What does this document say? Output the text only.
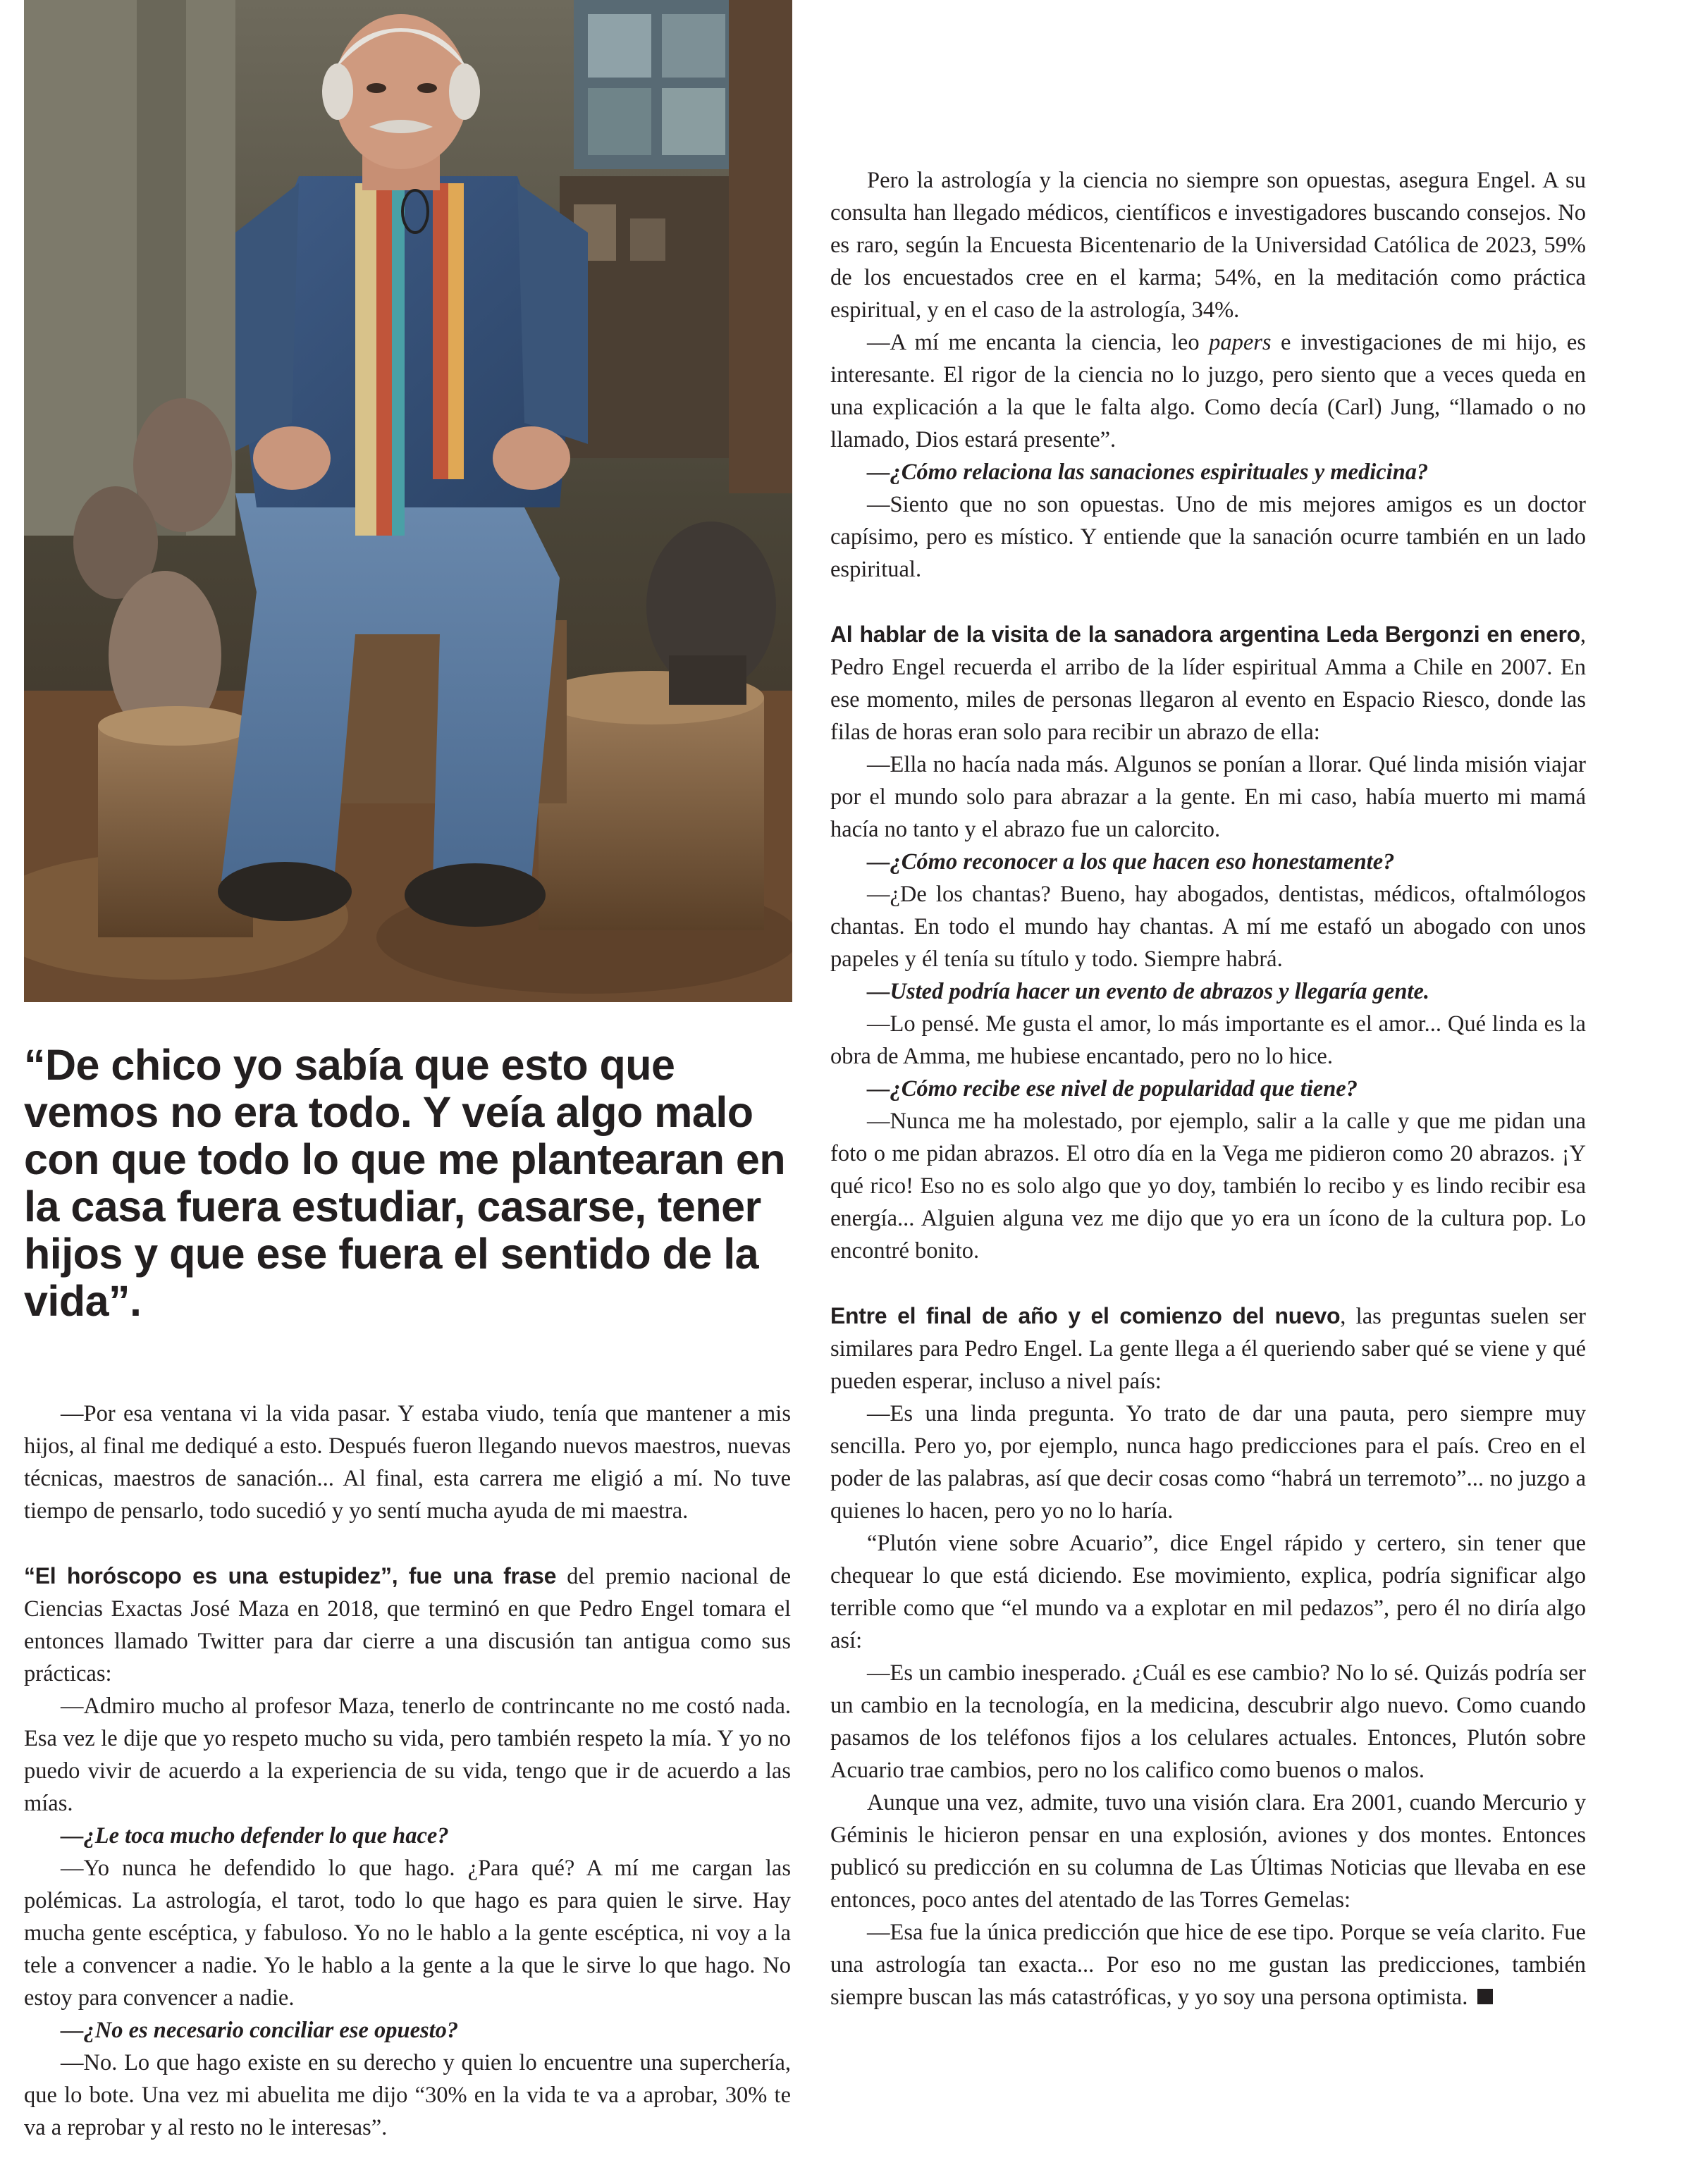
“De chico yo sabía que esto que vemos no era todo. Y veía algo malo con que todo lo que me plantearan en la casa fuera estudiar, casarse, tener hijos y que ese fuera el sentido de la vida”.

—Por esa ventana vi la vida pasar. Y estaba viudo, tenía que mantener a mis hijos, al final me dediqué a esto. Después fueron llegando nuevos maestros, nuevas técnicas, maestros de sanación... Al final, esta carrera me eligió a mí. No tuve tiempo de pensarlo, todo sucedió y yo sentí mucha ayuda de mi maestra.

“El horóscopo es una estupidez”, fue una frase del premio nacional de Ciencias Exactas José Maza en 2018, que terminó en que Pedro Engel tomara el entonces llamado Twitter para dar cierre a una discusión tan antigua como sus prácticas:

—Admiro mucho al profesor Maza, tenerlo de contrincante no me costó nada. Esa vez le dije que yo respeto mucho su vida, pero también respeto la mía. Y yo no puedo vivir de acuerdo a la experiencia de su vida, tengo que ir de acuerdo a las mías.

—¿Le toca mucho defender lo que hace?

—Yo nunca he defendido lo que hago. ¿Para qué? A mí me cargan las polémicas. La astrología, el tarot, todo lo que hago es para quien le sirve. Hay mucha gente escéptica, y fabuloso. Yo no le hablo a la gente escéptica, ni voy a la tele a convencer a nadie. Yo le hablo a la gente a la que le sirve lo que hago. No estoy para convencer a nadie.

—¿No es necesario conciliar ese opuesto?

—No. Lo que hago existe en su derecho y quien lo encuentre una superchería, que lo bote. Una vez mi abuelita me dijo “30% en la vida te va a aprobar, 30% te va a reprobar y al resto no le interesas”.

Pero la astrología y la ciencia no siempre son opuestas, asegura Engel. A su consulta han llegado médicos, científicos e investigadores buscando consejos. No es raro, según la Encuesta Bicentenario de la Universidad Católica de 2023, 59% de los encuestados cree en el karma; 54%, en la meditación como práctica espiritual, y en el caso de la astrología, 34%.

—A mí me encanta la ciencia, leo papers e investigaciones de mi hijo, es interesante. El rigor de la ciencia no lo juzgo, pero siento que a veces queda en una explicación a la que le falta algo. Como decía (Carl) Jung, “llamado o no llamado, Dios estará presente”.

—¿Cómo relaciona las sanaciones espirituales y medicina?

—Siento que no son opuestas. Uno de mis mejores amigos es un doctor capísimo, pero es místico. Y entiende que la sanación ocurre también en un lado espiritual.

Al hablar de la visita de la sanadora argentina Leda Bergonzi en enero, Pedro Engel recuerda el arribo de la líder espiritual Amma a Chile en 2007. En ese momento, miles de personas llegaron al evento en Espacio Riesco, donde las filas de horas eran solo para recibir un abrazo de ella:

—Ella no hacía nada más. Algunos se ponían a llorar. Qué linda misión viajar por el mundo solo para abrazar a la gente. En mi caso, había muerto mi mamá hacía no tanto y el abrazo fue un calorcito.

—¿Cómo reconocer a los que hacen eso honestamente?

—¿De los chantas? Bueno, hay abogados, dentistas, médicos, oftalmólogos chantas. En todo el mundo hay chantas. A mí me estafó un abogado con unos papeles y él tenía su título y todo. Siempre habrá.

—Usted podría hacer un evento de abrazos y llegaría gente.

—Lo pensé. Me gusta el amor, lo más importante es el amor... Qué linda es la obra de Amma, me hubiese encantado, pero no lo hice.

—¿Cómo recibe ese nivel de popularidad que tiene?

—Nunca me ha molestado, por ejemplo, salir a la calle y que me pidan una foto o me pidan abrazos. El otro día en la Vega me pidieron como 20 abrazos. ¡Y qué rico! Eso no es solo algo que yo doy, también lo recibo y es lindo recibir esa energía... Alguien alguna vez me dijo que yo era un ícono de la cultura pop. Lo encontré bonito.

Entre el final de año y el comienzo del nuevo, las preguntas suelen ser similares para Pedro Engel. La gente llega a él queriendo saber qué se viene y qué pueden esperar, incluso a nivel país:

—Es una linda pregunta. Yo trato de dar una pauta, pero siempre muy sencilla. Pero yo, por ejemplo, nunca hago predicciones para el país. Creo en el poder de las palabras, así que decir cosas como “habrá un terremoto”... no juzgo a quienes lo hacen, pero yo no lo haría.

“Plutón viene sobre Acuario”, dice Engel rápido y certero, sin tener que chequear lo que está diciendo. Ese movimiento, explica, podría significar algo terrible como que “el mundo va a explotar en mil pedazos”, pero él no diría algo así:

—Es un cambio inesperado. ¿Cuál es ese cambio? No lo sé. Quizás podría ser un cambio en la tecnología, en la medicina, descubrir algo nuevo. Como cuando pasamos de los teléfonos fijos a los celulares actuales. Entonces, Plutón sobre Acuario trae cambios, pero no los califico como buenos o malos.

Aunque una vez, admite, tuvo una visión clara. Era 2001, cuando Mercurio y Géminis le hicieron pensar en una explosión, aviones y dos montes. Entonces publicó su predicción en su columna de Las Últimas Noticias que llevaba en ese entonces, poco antes del atentado de las Torres Gemelas:

—Esa fue la única predicción que hice de ese tipo. Porque se veía clarito. Fue una astrología tan exacta... Por eso no me gustan las predicciones, también siempre buscan las más catastróficas, y yo soy una persona optimista.
